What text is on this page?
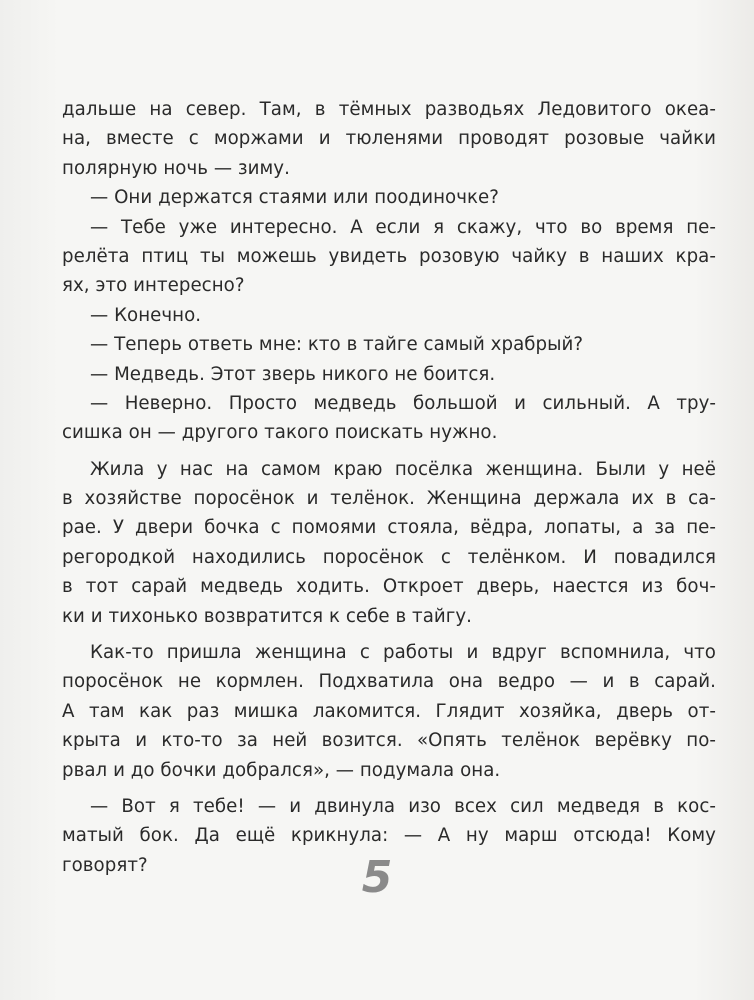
дальше на север. Там, в тёмных разводьях Ледовитого океа-
на, вместе с моржами и тюленями проводят розовые чайки
полярную ночь — зиму.
— Они держатся стаями или поодиночке?
— Тебе уже интересно. А если я скажу, что во время пе-
релёта птиц ты можешь увидеть розовую чайку в наших кра-
ях, это интересно?
— Конечно.
— Теперь ответь мне: кто в тайге самый храбрый?
— Медведь. Этот зверь никого не боится.
— Неверно. Просто медведь большой и сильный. А тру-
сишка он — другого такого поискать нужно.
Жила у нас на самом краю посёлка женщина. Были у неё
в хозяйстве поросёнок и телёнок. Женщина держала их в са-
рае. У двери бочка с помоями стояла, вёдра, лопаты, а за пе-
регородкой находились поросёнок с телёнком. И повадился
в тот сарай медведь ходить. Откроет дверь, наестся из боч-
ки и тихонько возвратится к себе в тайгу.
Как-то пришла женщина с работы и вдруг вспомнила, что
поросёнок не кормлен. Подхватила она ведро — и в сарай.
А там как раз мишка лакомится. Глядит хозяйка, дверь от-
крыта и кто-то за ней возится. «Опять телёнок верёвку по-
рвал и до бочки добрался», — подумала она.
— Вот я тебе! — и двинула изо всех сил медведя в кос-
матый бок. Да ещё крикнула: — А ну марш отсюда! Кому
говорят?	5
